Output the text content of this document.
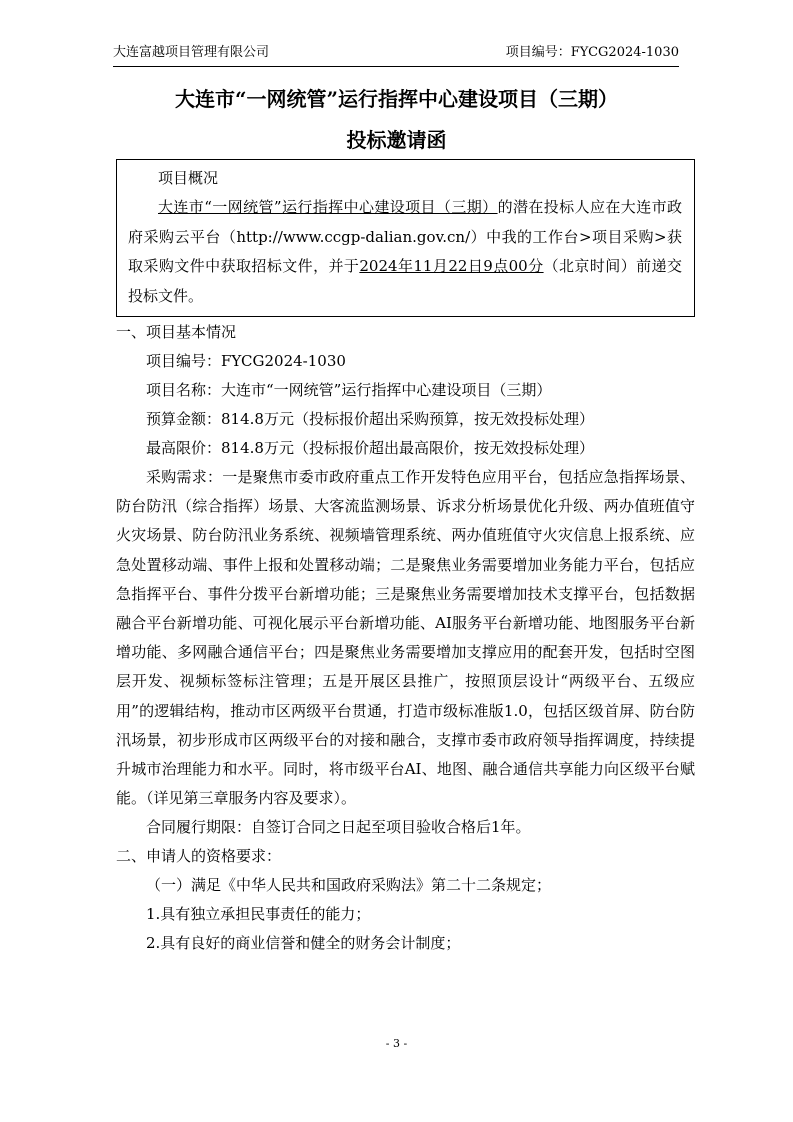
大连富越项目管理有限公司	项目编号：FYCG2024-1030
大连市“一网统管”运行指挥中心建设项目（三期）
投标邀请函
项目概况
大连市“一网统管”运行指挥中心建设项目（三期）的潜在投标人应在大连市政府采购云平台（http://www.ccgp-dalian.gov.cn/）中我的工作台>项目采购>获取采购文件中获取招标文件，并于2024年11月22日9点00分（北京时间）前递交投标文件。
一、项目基本情况
项目编号：FYCG2024-1030
项目名称：大连市“一网统管”运行指挥中心建设项目（三期）
预算金额：814.8万元（投标报价超出采购预算，按无效投标处理）
最高限价：814.8万元（投标报价超出最高限价，按无效投标处理）
采购需求：一是聚焦市委市政府重点工作开发特色应用平台，包括应急指挥场景、防台防汛（综合指挥）场景、大客流监测场景、诉求分析场景优化升级、两办值班值守火灾场景、防台防汛业务系统、视频墙管理系统、两办值班值守火灾信息上报系统、应急处置移动端、事件上报和处置移动端；二是聚焦业务需要增加业务能力平台，包括应急指挥平台、事件分拨平台新增功能；三是聚焦业务需要增加技术支撑平台，包括数据融合平台新增功能、可视化展示平台新增功能、AI服务平台新增功能、地图服务平台新增功能、多网融合通信平台；四是聚焦业务需要增加支撑应用的配套开发，包括时空图层开发、视频标签标注管理；五是开展区县推广，按照顶层设计“两级平台、五级应用”的逻辑结构，推动市区两级平台贯通，打造市级标准版1.0，包括区级首屏、防台防汛场景，初步形成市区两级平台的对接和融合，支撑市委市政府领导指挥调度，持续提升城市治理能力和水平。同时，将市级平台AI、地图、融合通信共享能力向区级平台赋能。（详见第三章服务内容及要求）。
合同履行期限：自签订合同之日起至项目验收合格后1年。
二、申请人的资格要求：
（一）满足《中华人民共和国政府采购法》第二十二条规定；
1.具有独立承担民事责任的能力；
2.具有良好的商业信誉和健全的财务会计制度；
- 3 -
